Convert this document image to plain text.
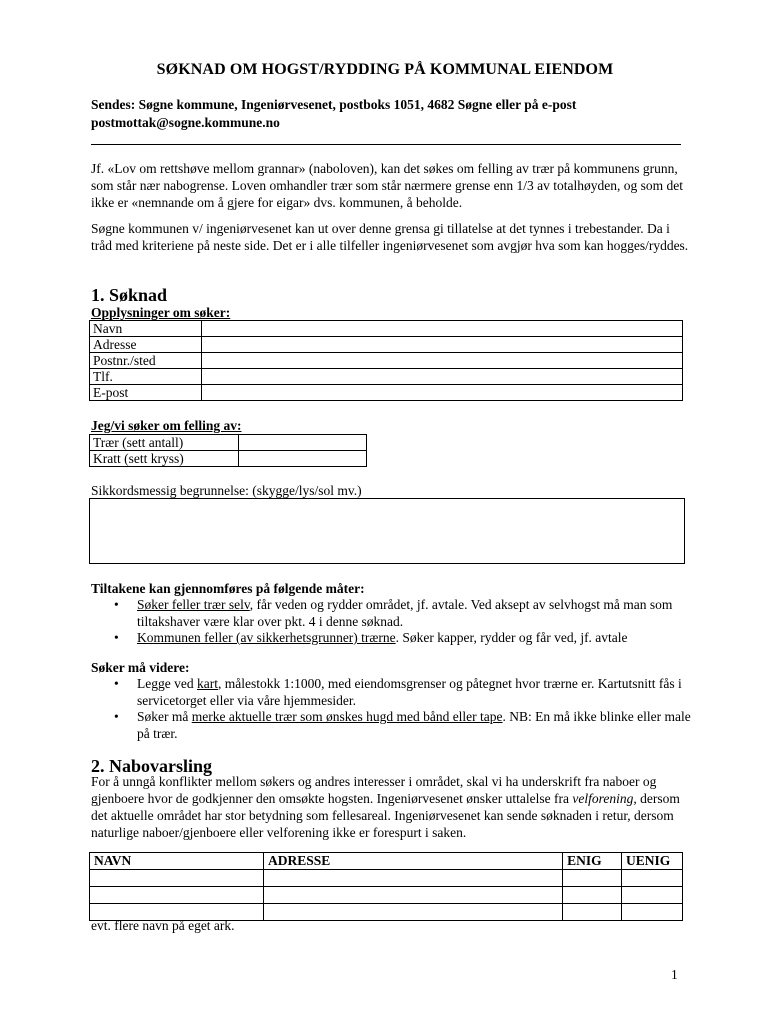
SØKNAD OM HOGST/RYDDING PÅ KOMMUNAL EIENDOM
Sendes: Søgne kommune, Ingeniørvesenet, postboks 1051, 4682 Søgne eller på e-post
postmottak@sogne.kommune.no
Jf. «Lov om rettshøve mellom grannar» (naboloven), kan det søkes om felling av trær på kommunens grunn, som står nær nabogrense. Loven omhandler trær som står nærmere grense enn 1/3 av totalhøyden, og som det ikke er «nemnande om å gjere for eigar» dvs. kommunen, å beholde.
Søgne kommunen v/ ingeniørvesenet kan ut over denne grensa gi tillatelse at det tynnes i trebestander. Da i tråd med kriteriene på neste side. Det er i alle tilfeller ingeniørvesenet som avgjør hva som kan hogges/ryddes.
1. Søknad
Opplysninger om søker:
Navn	
Adresse	
Postnr./sted	
Tlf.	
E-post	
Jeg/vi søker om felling av:
Trær (sett antall)	
Kratt (sett kryss)	
Sikkordsmessig begrunnelse: (skygge/lys/sol mv.)
Tiltakene kan gjennomføres på følgende måter:
• Søker feller trær selv, får veden og rydder området, jf. avtale. Ved aksept av selvhogst må man som tiltakshaver være klar over pkt. 4 i denne søknad.
• Kommunen feller (av sikkerhetsgrunner) trærne. Søker kapper, rydder og får ved, jf. avtale
Søker må videre:
• Legge ved kart, målestokk 1:1000, med eiendomsgrenser og påtegnet hvor trærne er. Kartutsnitt fås i servicetorget eller via våre hjemmesider.
• Søker må merke aktuelle trær som ønskes hugd med bånd eller tape. NB: En må ikke blinke eller male på trær.
2. Nabovarsling
For å unngå konflikter mellom søkers og andres interesser i området, skal vi ha underskrift fra naboer og gjenboere hvor de godkjenner den omsøkte hogsten. Ingeniørvesenet ønsker uttalelse fra velforening, dersom det aktuelle området har stor betydning som fellesareal. Ingeniørvesenet kan sende søknaden i retur, dersom naturlige naboer/gjenboere eller velforening ikke er forespurt i saken.
NAVN	ADRESSE	ENIG	UENIG

evt. flere navn på eget ark.
1
